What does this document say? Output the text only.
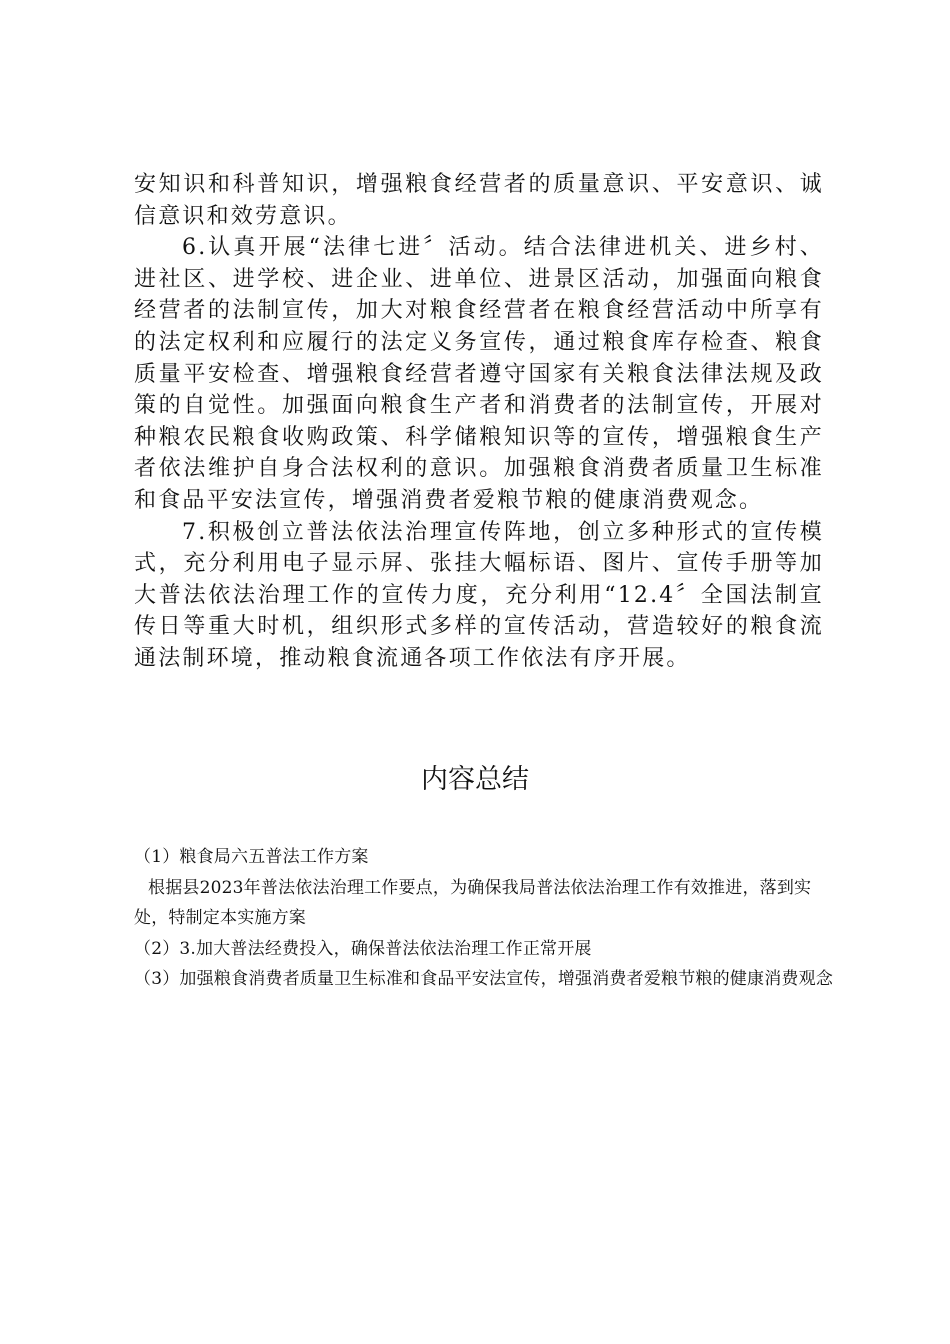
安知识和科普知识，增强粮食经营者的质量意识、平安意识、诚信意识和效劳意识。

6.认真开展“法律七进〞活动。结合法律进机关、进乡村、进社区、进学校、进企业、进单位、进景区活动，加强面向粮食经营者的法制宣传，加大对粮食经营者在粮食经营活动中所享有的法定权利和应履行的法定义务宣传，通过粮食库存检查、粮食质量平安检查、增强粮食经营者遵守国家有关粮食法律法规及政策的自觉性。加强面向粮食生产者和消费者的法制宣传，开展对种粮农民粮食收购政策、科学储粮知识等的宣传，增强粮食生产者依法维护自身合法权利的意识。加强粮食消费者质量卫生标准和食品平安法宣传，增强消费者爱粮节粮的健康消费观念。

7.积极创立普法依法治理宣传阵地，创立多种形式的宣传模式，充分利用电子显示屏、张挂大幅标语、图片、宣传手册等加大普法依法治理工作的宣传力度，充分利用“12.4〞全国法制宣传日等重大时机，组织形式多样的宣传活动，营造较好的粮食流通法制环境，推动粮食流通各项工作依法有序开展。

内容总结

（1）粮食局六五普法工作方案

根据县2023年普法依法治理工作要点，为确保我局普法依法治理工作有效推进，落到实处，特制定本实施方案

（2）3.加大普法经费投入，确保普法依法治理工作正常开展

（3）加强粮食消费者质量卫生标准和食品平安法宣传，增强消费者爱粮节粮的健康消费观念
